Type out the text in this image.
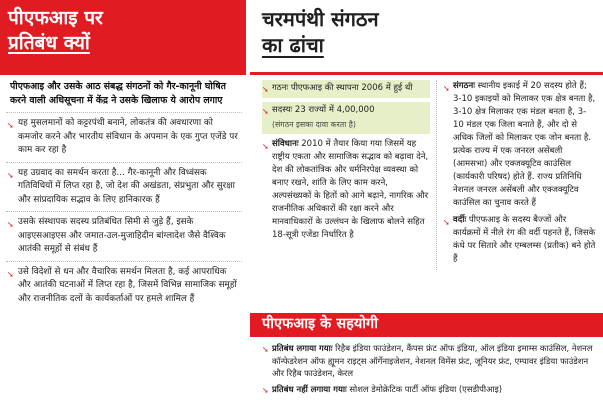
पीएफआइ पर
प्रतिबंध क्यों
पीएफआइ और उसके आठ संबद्ध संगठनों को गैर-कानूनी घोषित करने वाली अधिसूचना में केंद्र ने उसके खिलाफ ये आरोप लगाए
➘ यह मुसलमानों को कट्टरपंथी बनाने, लोकतंत्र की अवधारणा को कमजोर करने और भारतीय संविधान के अपमान के एक गुप्त एजेंडे पर काम कर रहा है
➘ यह उग्रवाद का समर्थन करता है... गैर-कानूनी और विध्वंसक गतिविधियों में लिप्त रहा है, जो देश की अखंडता, संप्रभुता और सुरक्षा और सांप्रदायिक सद्भाव के लिए हानिकारक हैं
➘ उसके संस्थापक सदस्य प्रतिबंधित सिमी से जुड़े हैं, इसके आइएसआइएस और जमात-उल-मुजाहिदीन बांग्लादेश जैसे वैश्विक आतंकी समूहों से संबंध हैं
➘ उसे विदेशों से धन और वैचारिक समर्थन मिलता है, कई आपराधिक और आतंकी घटनाओं में लिप्त रहा है, जिसमें विभिन्न सामाजिक समूहों और राजनीतिक दलों के कार्यकर्ताओं पर हमले शामिल हैं
चरमपंथी संगठन
का ढांचा
➘ गठनः पीएफआइ की स्थापना 2006 में हुई थी
➘ सदस्यः 23 राज्यों में 4,00,000
(संगठन इसका दावा करता है)
➘ संविधानः 2010 में तैयार किया गया जिसमें यह राष्ट्रीय एकता और सामाजिक सद्भाव को बढ़ावा देने, देश की लोकतांत्रिक और धर्मनिरपेक्ष व्यवस्था को बनाए रखने, शांति के लिए काम करने, अल्पसंख्यकों के हितों को आगे बढ़ाने, नागरिक और राजनीतिक अधिकारों की रक्षा करने और मानवाधिकारों के उल्लंघन के खिलाफ बोलने सहित 18-सूत्री एजेंडा निर्धारित है
➘ संगठनः स्थानीय इकाई में 20 सदस्य होते हैं; 3-10 इकाइयों को मिलाकर एक क्षेत्र बनता है, 3-10 क्षेत्र मिलाकर एक मंडल बनता है, 3-10 मंडल एक जिला बनाते हैं, और दो से अधिक जिलों को मिलाकर एक जोन बनता है. प्रत्येक राज्य में एक जनरल असेंबली (आमसभा) और एक्जक्यूटिव काउंसिल (कार्यकारी परिषद) होते हैं. राज्य प्रतिनिधि नेशनल जनरल असेंबली और एक्जक्यूटिव काउंसिल का चुनाव करते हैं
➘ वर्दीः पीएफआइ के सदस्य बैज्जों और कार्यक्रमों में नीले रंग की वर्दी पहनते हैं, जिसके कंधे पर सितारे और एम्बलम्स (प्रतीक) बने होते हैं
पीएफआइ के सहयोगी
➘ प्रतिबंध लगाया गयाः रिहैब इंडिया फाउंडेशन, कैंपस फ्रंट ऑफ इंडिया, ऑल इंडिया इमाम्स काउंसिल, नेशनल कॉन्फेडरेशन ऑफ ह्यूमन राइट्स ऑर्गेनाइजेशन, नेशनल विमेंस फ्रंट, जूनियर फ्रंट, एम्पावर इंडिया फाउंडेशन और रिहैब फाउंडेशन, केरल
➘ प्रतिबंध नहीं लगाया गयाः सोशल डेमोक्रेटिक पार्टी ऑफ इंडिया (एसडीपीआइ)
